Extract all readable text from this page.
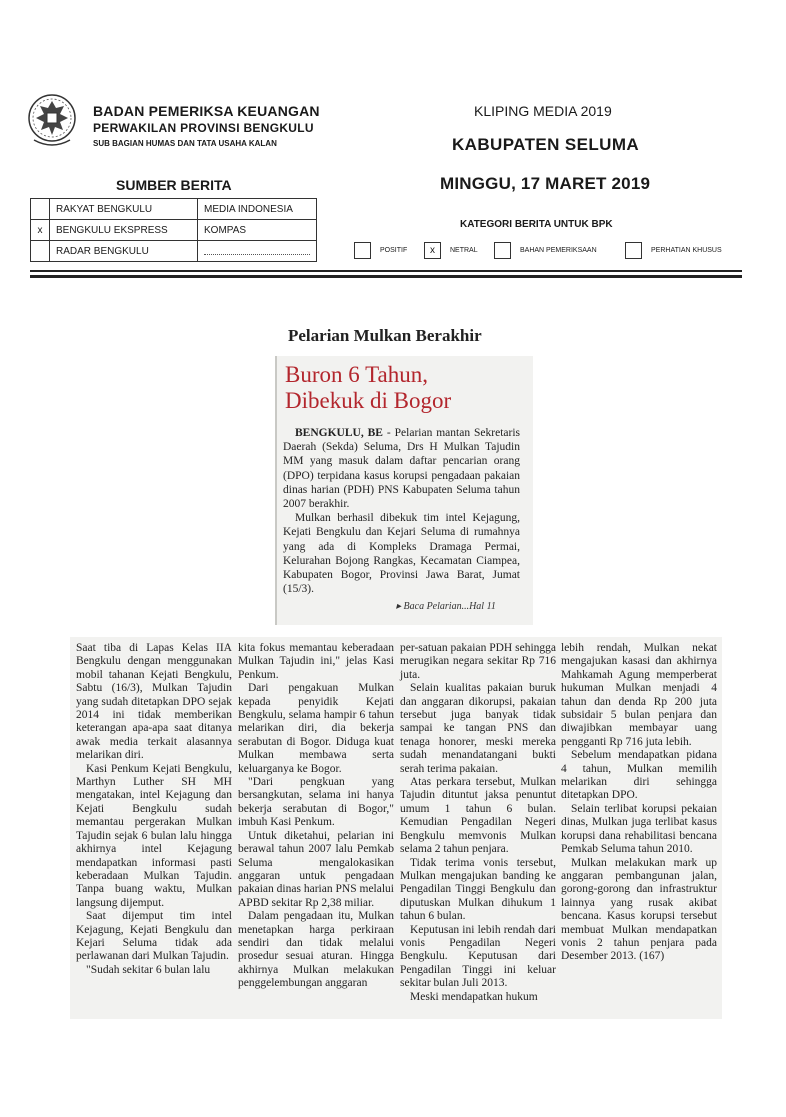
BADAN PEMERIKSA KEUANGAN
PERWAKILAN PROVINSI BENGKULU
SUB BAGIAN HUMAS DAN TATA USAHA KALAN
KLIPING MEDIA 2019
KABUPATEN SELUMA
MINGGU, 17 MARET 2019
SUMBER BERITA
	RAKYAT BENGKULU	MEDIA INDONESIA
x	BENGKULU EKSPRESS	KOMPAS
	RADAR BENGKULU	
KATEGORI BERITA UNTUK BPK
POSITIF	x	NETRAL	BAHAN PEMERIKSAAN	PERHATIAN KHUSUS
Pelarian Mulkan Berakhir
Buron 6 Tahun,
Dibekuk di Bogor

BENGKULU, BE - Pelarian mantan Sekretaris Daerah (Sekda) Seluma, Drs H Mulkan Tajudin MM yang masuk dalam daftar pencarian orang (DPO) terpidana kasus korupsi pengadaan pakaian dinas harian (PDH) PNS Kabupaten Seluma tahun 2007 berakhir.

Mulkan berhasil dibekuk tim intel Kejagung, Kejati Bengkulu dan Kejari Seluma di rumahnya yang ada di Kompleks Dramaga Permai, Kelurahan Bojong Rangkas, Kecamatan Ciampea, Kabupaten Bogor, Provinsi Jawa Barat, Jumat (15/3).

▸ Baca Pelarian...Hal 11

Saat tiba di Lapas Kelas IIA Bengkulu dengan menggunakan mobil tahanan Kejati Bengkulu, Sabtu (16/3), Mulkan Tajudin yang sudah ditetapkan DPO sejak 2014 ini tidak memberikan keterangan apa-apa saat ditanya awak media terkait alasannya melarikan diri.

Kasi Penkum Kejati Bengkulu, Marthyn Luther SH MH mengatakan, intel Kejagung dan Kejati Bengkulu sudah memantau pergerakan Mulkan Tajudin sejak 6 bulan lalu hingga akhirnya intel Kejagung mendapatkan informasi pasti keberadaan Mulkan Tajudin. Tanpa buang waktu, Mulkan langsung dijemput.

Saat dijemput tim intel Kejagung, Kejati Bengkulu dan Kejari Seluma tidak ada perlawanan dari Mulkan Tajudin.

"Sudah sekitar 6 bulan lalu

kita fokus memantau keberadaan Mulkan Tajudin ini," jelas Kasi Penkum.

Dari pengakuan Mulkan kepada penyidik Kejati Bengkulu, selama hampir 6 tahun melarikan diri, dia bekerja serabutan di Bogor. Diduga kuat Mulkan membawa serta keluarganya ke Bogor.

"Dari pengkuan yang bersangkutan, selama ini hanya bekerja serabutan di Bogor," imbuh Kasi Penkum.

Untuk diketahui, pelarian ini berawal tahun 2007 lalu Pemkab Seluma mengalokasikan anggaran untuk pengadaan pakaian dinas harian PNS melalui APBD sekitar Rp 2,38 miliar.

Dalam pengadaan itu, Mulkan menetapkan harga perkiraan sendiri dan tidak melalui prosedur sesuai aturan. Hingga akhirnya Mulkan melakukan penggelembungan anggaran

per-satuan pakaian PDH sehingga merugikan negara sekitar Rp 716 juta.

Selain kualitas pakaian buruk dan anggaran dikorupsi, pakaian tersebut juga banyak tidak sampai ke tangan PNS dan tenaga honorer, meski mereka sudah menandatangani bukti serah terima pakaian.

Atas perkara tersebut, Mulkan Tajudin dituntut jaksa penuntut umum 1 tahun 6 bulan. Kemudian Pengadilan Negeri Bengkulu memvonis Mulkan selama 2 tahun penjara.

Tidak terima vonis tersebut, Mulkan mengajukan banding ke Pengadilan Tinggi Bengkulu dan diputuskan Mulkan dihukum 1 tahun 6 bulan.

Keputusan ini lebih rendah dari vonis Pengadilan Negeri Bengkulu. Keputusan dari Pengadilan Tinggi ini keluar sekitar bulan Juli 2013.

Meski mendapatkan hukum

lebih rendah, Mulkan nekat mengajukan kasasi dan akhirnya Mahkamah Agung memperberat hukuman Mulkan menjadi 4 tahun dan denda Rp 200 juta subsidair 5 bulan penjara dan diwajibkan membayar uang pengganti Rp 716 juta lebih.

Sebelum mendapatkan pidana 4 tahun, Mulkan memilih melarikan diri sehingga ditetapkan DPO.

Selain terlibat korupsi pekaian dinas, Mulkan juga terlibat kasus korupsi dana rehabilitasi bencana Pemkab Seluma tahun 2010.

Mulkan melakukan mark up anggaran pembangunan jalan, gorong-gorong dan infrastruktur lainnya yang rusak akibat bencana. Kasus korupsi tersebut membuat Mulkan mendapatkan vonis 2 tahun penjara pada Desember 2013. (167)
